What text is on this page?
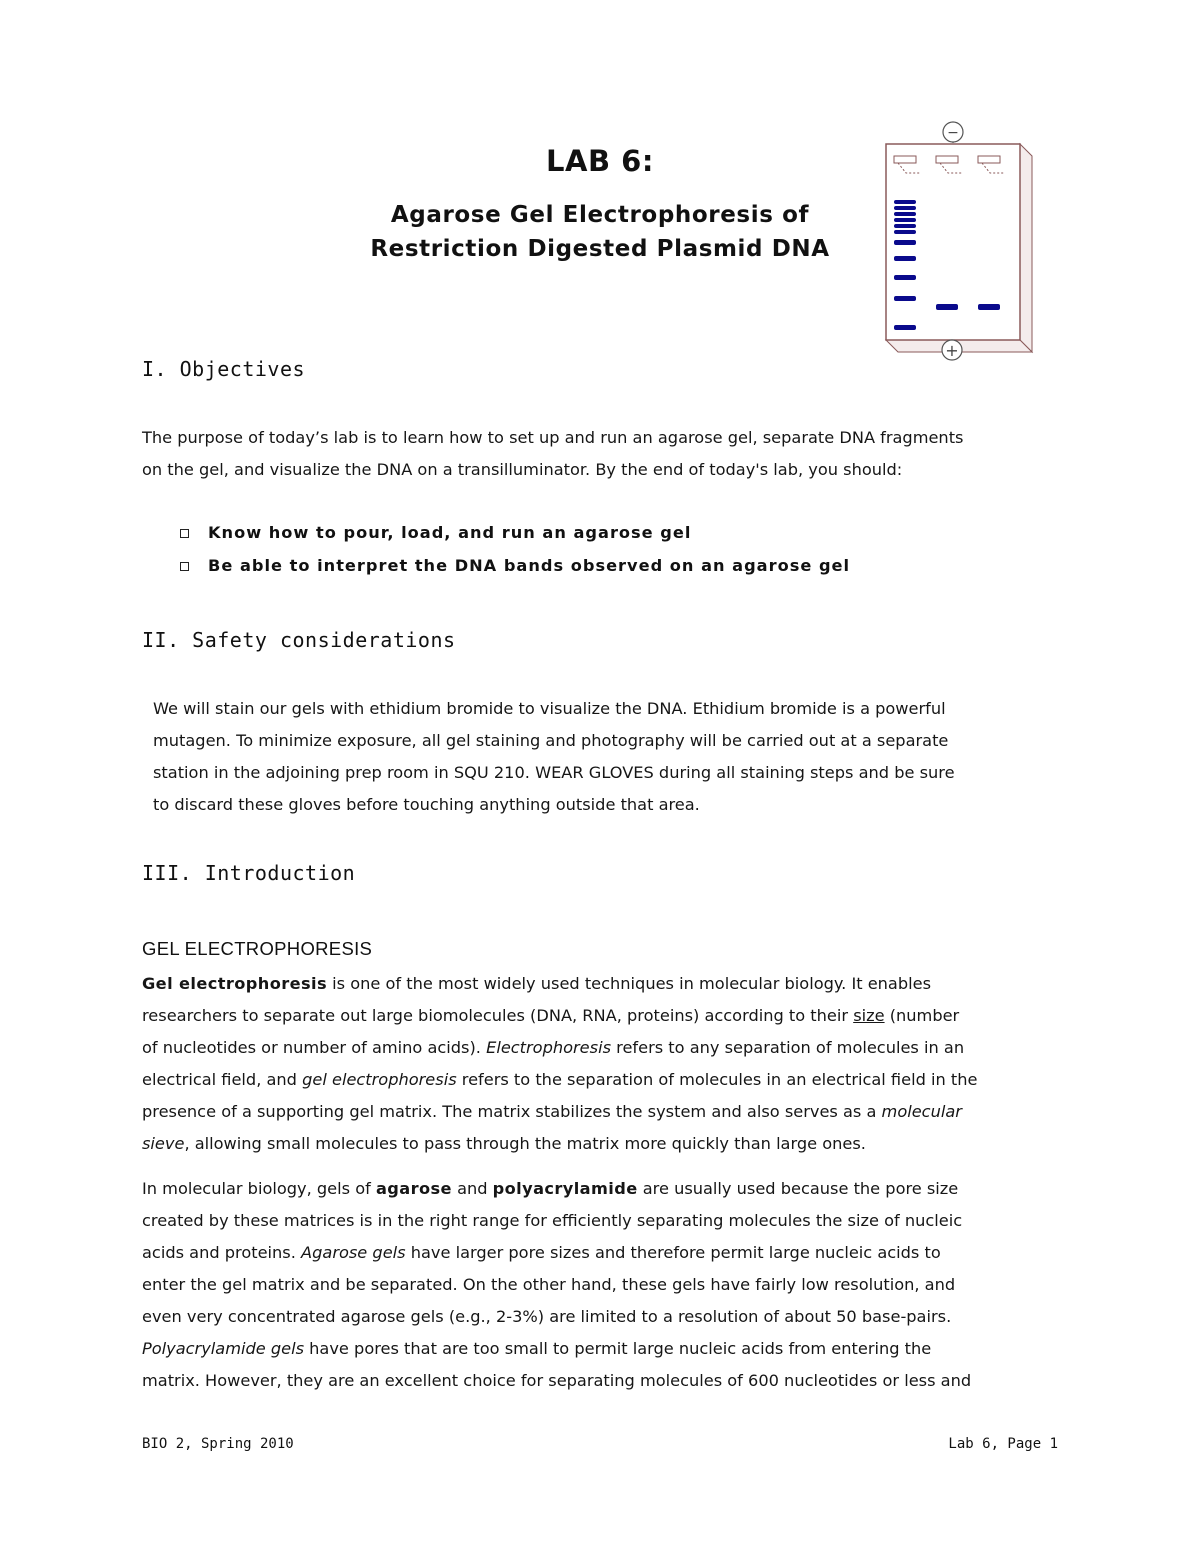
LAB 6:
Agarose Gel Electrophoresis of
Restriction Digested Plasmid DNA
−
+
I. Objectives
The purpose of today’s lab is to learn how to set up and run an agarose gel, separate DNA fragments
on the gel, and visualize the DNA on a transilluminator. By the end of today's lab, you should:
Know how to pour, load, and run an agarose gel
Be able to interpret the DNA bands observed on an agarose gel
II. Safety considerations
We will stain our gels with ethidium bromide to visualize the DNA. Ethidium bromide is a powerful
mutagen. To minimize exposure, all gel staining and photography will be carried out at a separate
station in the adjoining prep room in SQU 210. WEAR GLOVES during all staining steps and be sure
to discard these gloves before touching anything outside that area.
III. Introduction
GEL ELECTROPHORESIS
Gel electrophoresis is one of the most widely used techniques in molecular biology. It enables
researchers to separate out large biomolecules (DNA, RNA, proteins) according to their size (number
of nucleotides or number of amino acids). Electrophoresis refers to any separation of molecules in an
electrical field, and gel electrophoresis refers to the separation of molecules in an electrical field in the
presence of a supporting gel matrix. The matrix stabilizes the system and also serves as a molecular
sieve, allowing small molecules to pass through the matrix more quickly than large ones.
In molecular biology, gels of agarose and polyacrylamide are usually used because the pore size
created by these matrices is in the right range for efficiently separating molecules the size of nucleic
acids and proteins. Agarose gels have larger pore sizes and therefore permit large nucleic acids to
enter the gel matrix and be separated. On the other hand, these gels have fairly low resolution, and
even very concentrated agarose gels (e.g., 2-3%) are limited to a resolution of about 50 base-pairs.
Polyacrylamide gels have pores that are too small to permit large nucleic acids from entering the
matrix. However, they are an excellent choice for separating molecules of 600 nucleotides or less and
BIO 2, Spring 2010	Lab 6, Page 1
